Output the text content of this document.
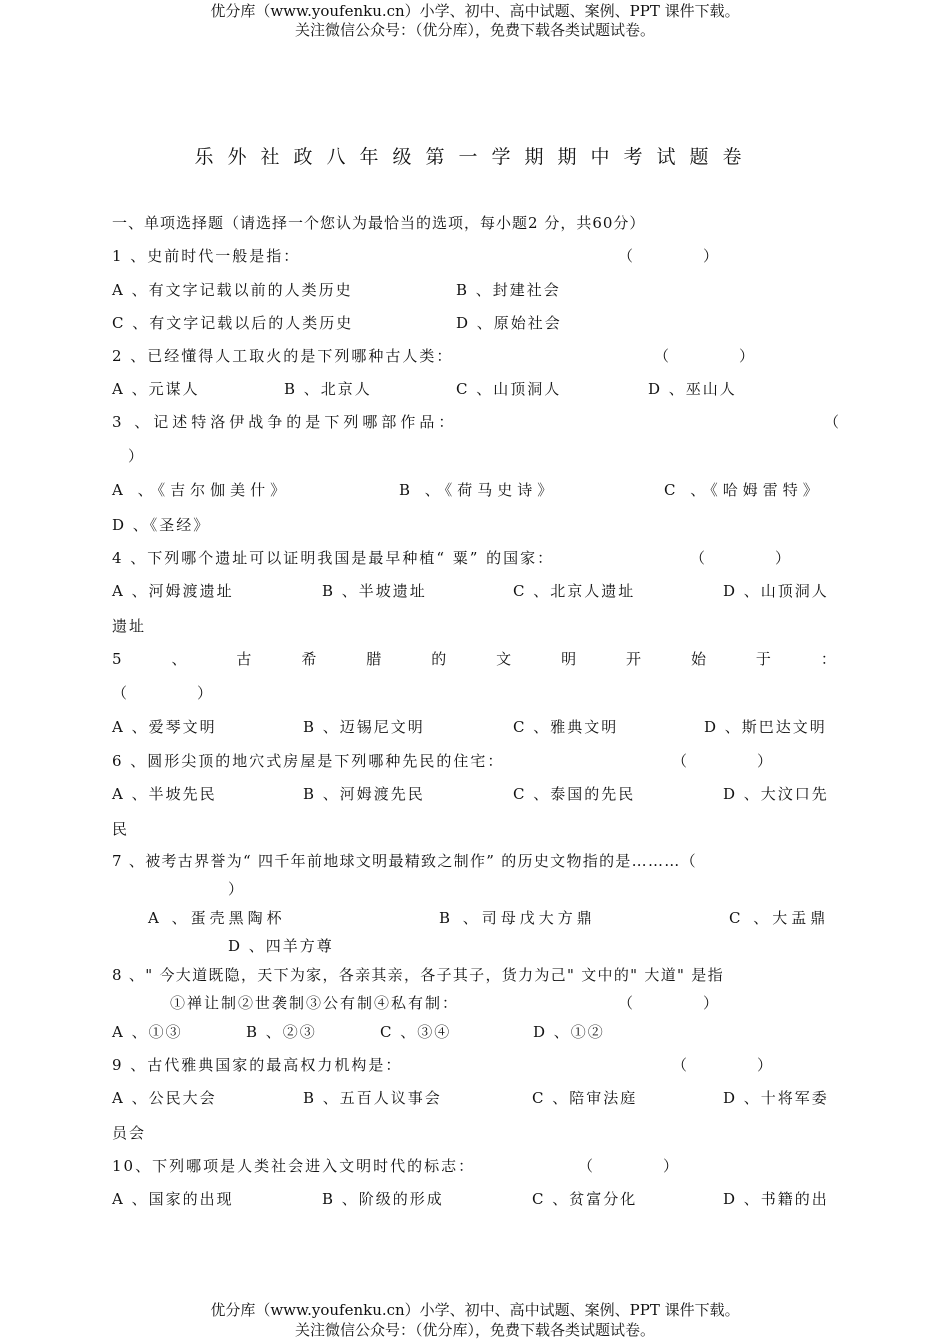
优分库（www.youfenku.cn）小学、初中、高中试题、案例、PPT 课件下载。
关注微信公众号：（优分库），免费下载各类试题试卷。
乐外社政八年级第一学期期中考试题卷
一、单项选择题（请选择一个您认为最恰当的选项，每小题2 分，共60分）
1 、史前时代一般是指：	（　　　　）
A 、有文字记载以前的人类历史	B 、封建社会
C 、有文字记载以后的人类历史	D 、原始社会
2 、已经懂得人工取火的是下列哪种古人类：	（　　　　）
A 、元谋人	B 、北京人	C 、山顶洞人	D 、巫山人
3 、记述特洛伊战争的是下列哪部作品：	（
）
A 、《吉尔伽美什》	B 、《荷马史诗》	C 、《哈姆雷特》
D 、《圣经》
4 、下列哪个遗址可以证明我国是最早种植“ 粟” 的国家：	（　　　　）
A 、河姆渡遗址	B 、半坡遗址	C 、北京人遗址	D 、山顶洞人
遗址
5	、	古	希	腊	的	文	明	开	始	于	：
（　　　　）
A 、爱琴文明	B 、迈锡尼文明	C 、雅典文明	D 、斯巴达文明
6 、圆形尖顶的地穴式房屋是下列哪种先民的住宅：	（　　　　）
A 、半坡先民	B 、河姆渡先民	C 、泰国的先民	D 、大汶口先
民
7 、被考古界誉为“ 四千年前地球文明最精致之制作” 的历史文物指的是………（
）
A 、蛋壳黑陶杯	B 、司母戊大方鼎	C 、大盂鼎
D 、四羊方尊
8 、" 今大道既隐，天下为家，各亲其亲，各子其子，货力为己" 文中的" 大道" 是指
①禅让制②世袭制③公有制④私有制：	（　　　　）
A 、①③	B 、②③	C 、③④	D 、①②
9 、古代雅典国家的最高权力机构是：	（　　　　）
A 、公民大会	B 、五百人议事会	C 、陪审法庭	D 、十将军委
员会
10、下列哪项是人类社会进入文明时代的标志：	（　　　　）
A 、国家的出现	B 、阶级的形成	C 、贫富分化	D 、书籍的出
优分库（www.youfenku.cn）小学、初中、高中试题、案例、PPT 课件下载。
关注微信公众号：（优分库），免费下载各类试题试卷。
